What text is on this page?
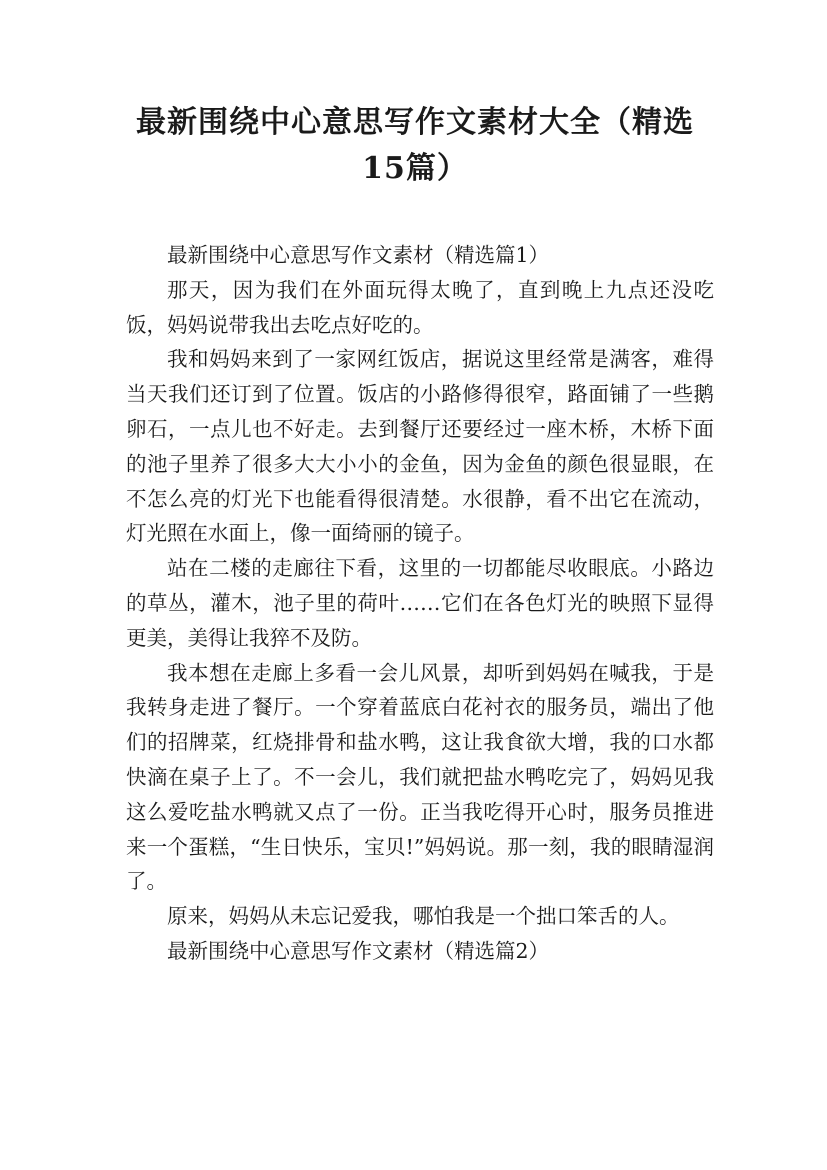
最新围绕中心意思写作文素材大全（精选15篇）

最新围绕中心意思写作文素材（精选篇1）

那天，因为我们在外面玩得太晚了，直到晚上九点还没吃饭，妈妈说带我出去吃点好吃的。

我和妈妈来到了一家网红饭店，据说这里经常是满客，难得当天我们还订到了位置。饭店的小路修得很窄，路面铺了一些鹅卵石，一点儿也不好走。去到餐厅还要经过一座木桥，木桥下面的池子里养了很多大大小小的金鱼，因为金鱼的颜色很显眼，在不怎么亮的灯光下也能看得很清楚。水很静，看不出它在流动，灯光照在水面上，像一面绮丽的镜子。

站在二楼的走廊往下看，这里的一切都能尽收眼底。小路边的草丛，灌木，池子里的荷叶……它们在各色灯光的映照下显得更美，美得让我猝不及防。

我本想在走廊上多看一会儿风景，却听到妈妈在喊我，于是我转身走进了餐厅。一个穿着蓝底白花衬衣的服务员，端出了他们的招牌菜，红烧排骨和盐水鸭，这让我食欲大增，我的口水都快滴在桌子上了。不一会儿，我们就把盐水鸭吃完了，妈妈见我这么爱吃盐水鸭就又点了一份。正当我吃得开心时，服务员推进来一个蛋糕，“生日快乐，宝贝!”妈妈说。那一刻，我的眼睛湿润了。

原来，妈妈从未忘记爱我，哪怕我是一个拙口笨舌的人。

最新围绕中心意思写作文素材（精选篇2）
